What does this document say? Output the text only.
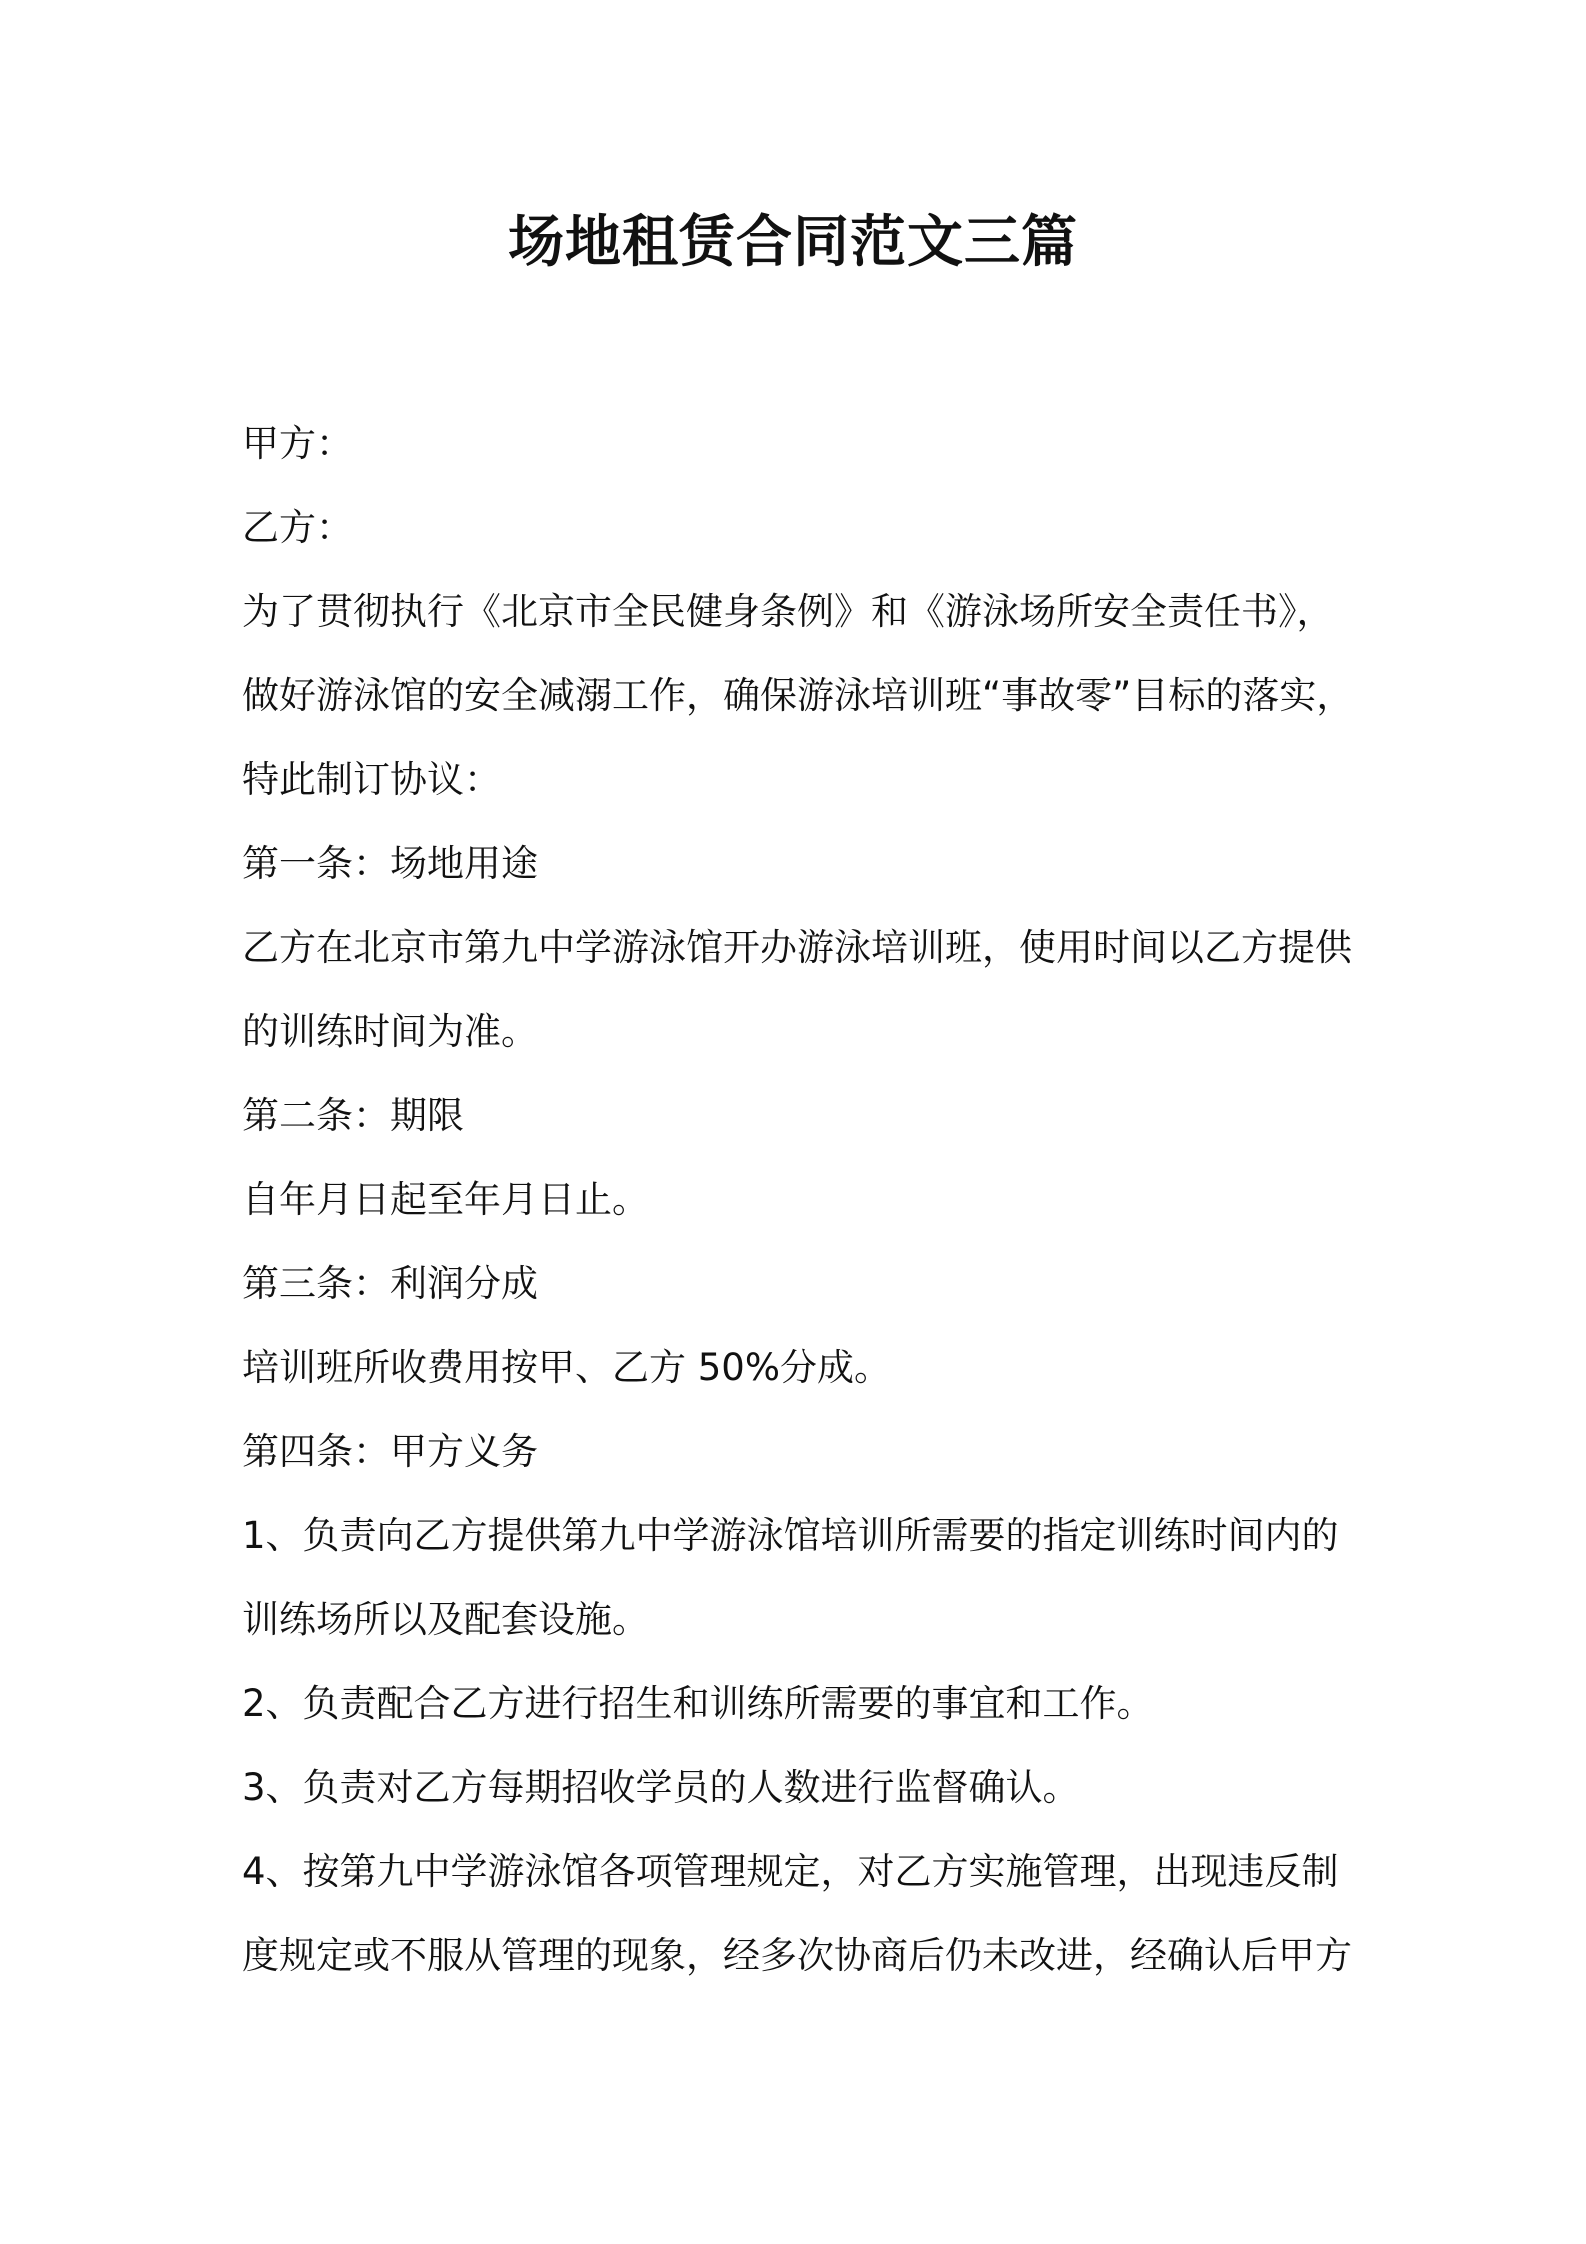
场地租赁合同范文三篇

甲方：

乙方：

为了贯彻执行《北京市全民健身条例》和《游泳场所安全责任书》，

做好游泳馆的安全减溺工作，确保游泳培训班“事故零”目标的落实，

特此制订协议：

第一条：场地用途

乙方在北京市第九中学游泳馆开办游泳培训班，使用时间以乙方提供

的训练时间为准。

第二条：期限

自年月日起至年月日止。

第三条：利润分成

培训班所收费用按甲、乙方 50%分成。

第四条：甲方义务

1、负责向乙方提供第九中学游泳馆培训所需要的指定训练时间内的

训练场所以及配套设施。

2、负责配合乙方进行招生和训练所需要的事宜和工作。

3、负责对乙方每期招收学员的人数进行监督确认。

4、按第九中学游泳馆各项管理规定，对乙方实施管理，出现违反制

度规定或不服从管理的现象，经多次协商后仍未改进，经确认后甲方
